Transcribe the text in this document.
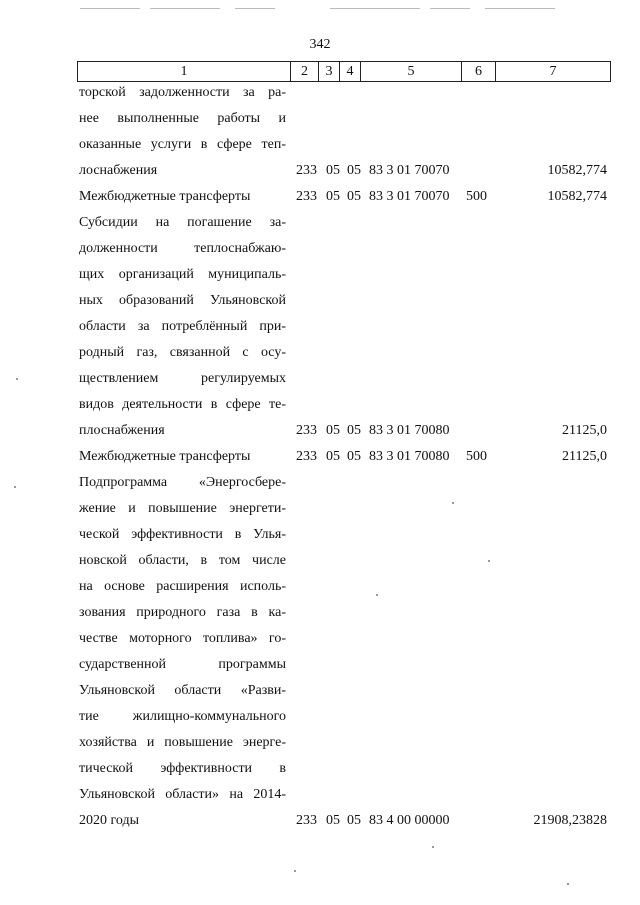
342
1	2	3	4	5	6	7
торской задолженности за ра-
нее выполненные работы и
оказанные услуги в сфере теп-
лоснабжения	233 05 05 83 3 01 70070	10582,774
Межбюджетные трансферты	233 05 05 83 3 01 70070 500	10582,774
Субсидии на погашение за-
долженности теплоснабжаю-
щих организаций муниципаль-
ных образований Ульяновской
области за потреблённый при-
родный газ, связанной с осу-
ществлением регулируемых
видов деятельности в сфере те-
плоснабжения	233 05 05 83 3 01 70080	21125,0
Межбюджетные трансферты	233 05 05 83 3 01 70080 500	21125,0
Подпрограмма «Энергосбере-
жение и повышение энергети-
ческой эффективности в Улья-
новской области, в том числе
на основе расширения исполь-
зования природного газа в ка-
честве моторного топлива» го-
сударственной программы
Ульяновской области «Разви-
тие жилищно-коммунального
хозяйства и повышение энерге-
тической эффективности в
Ульяновской области» на 2014-
2020 годы	233 05 05 83 4 00 00000	21908,23828
